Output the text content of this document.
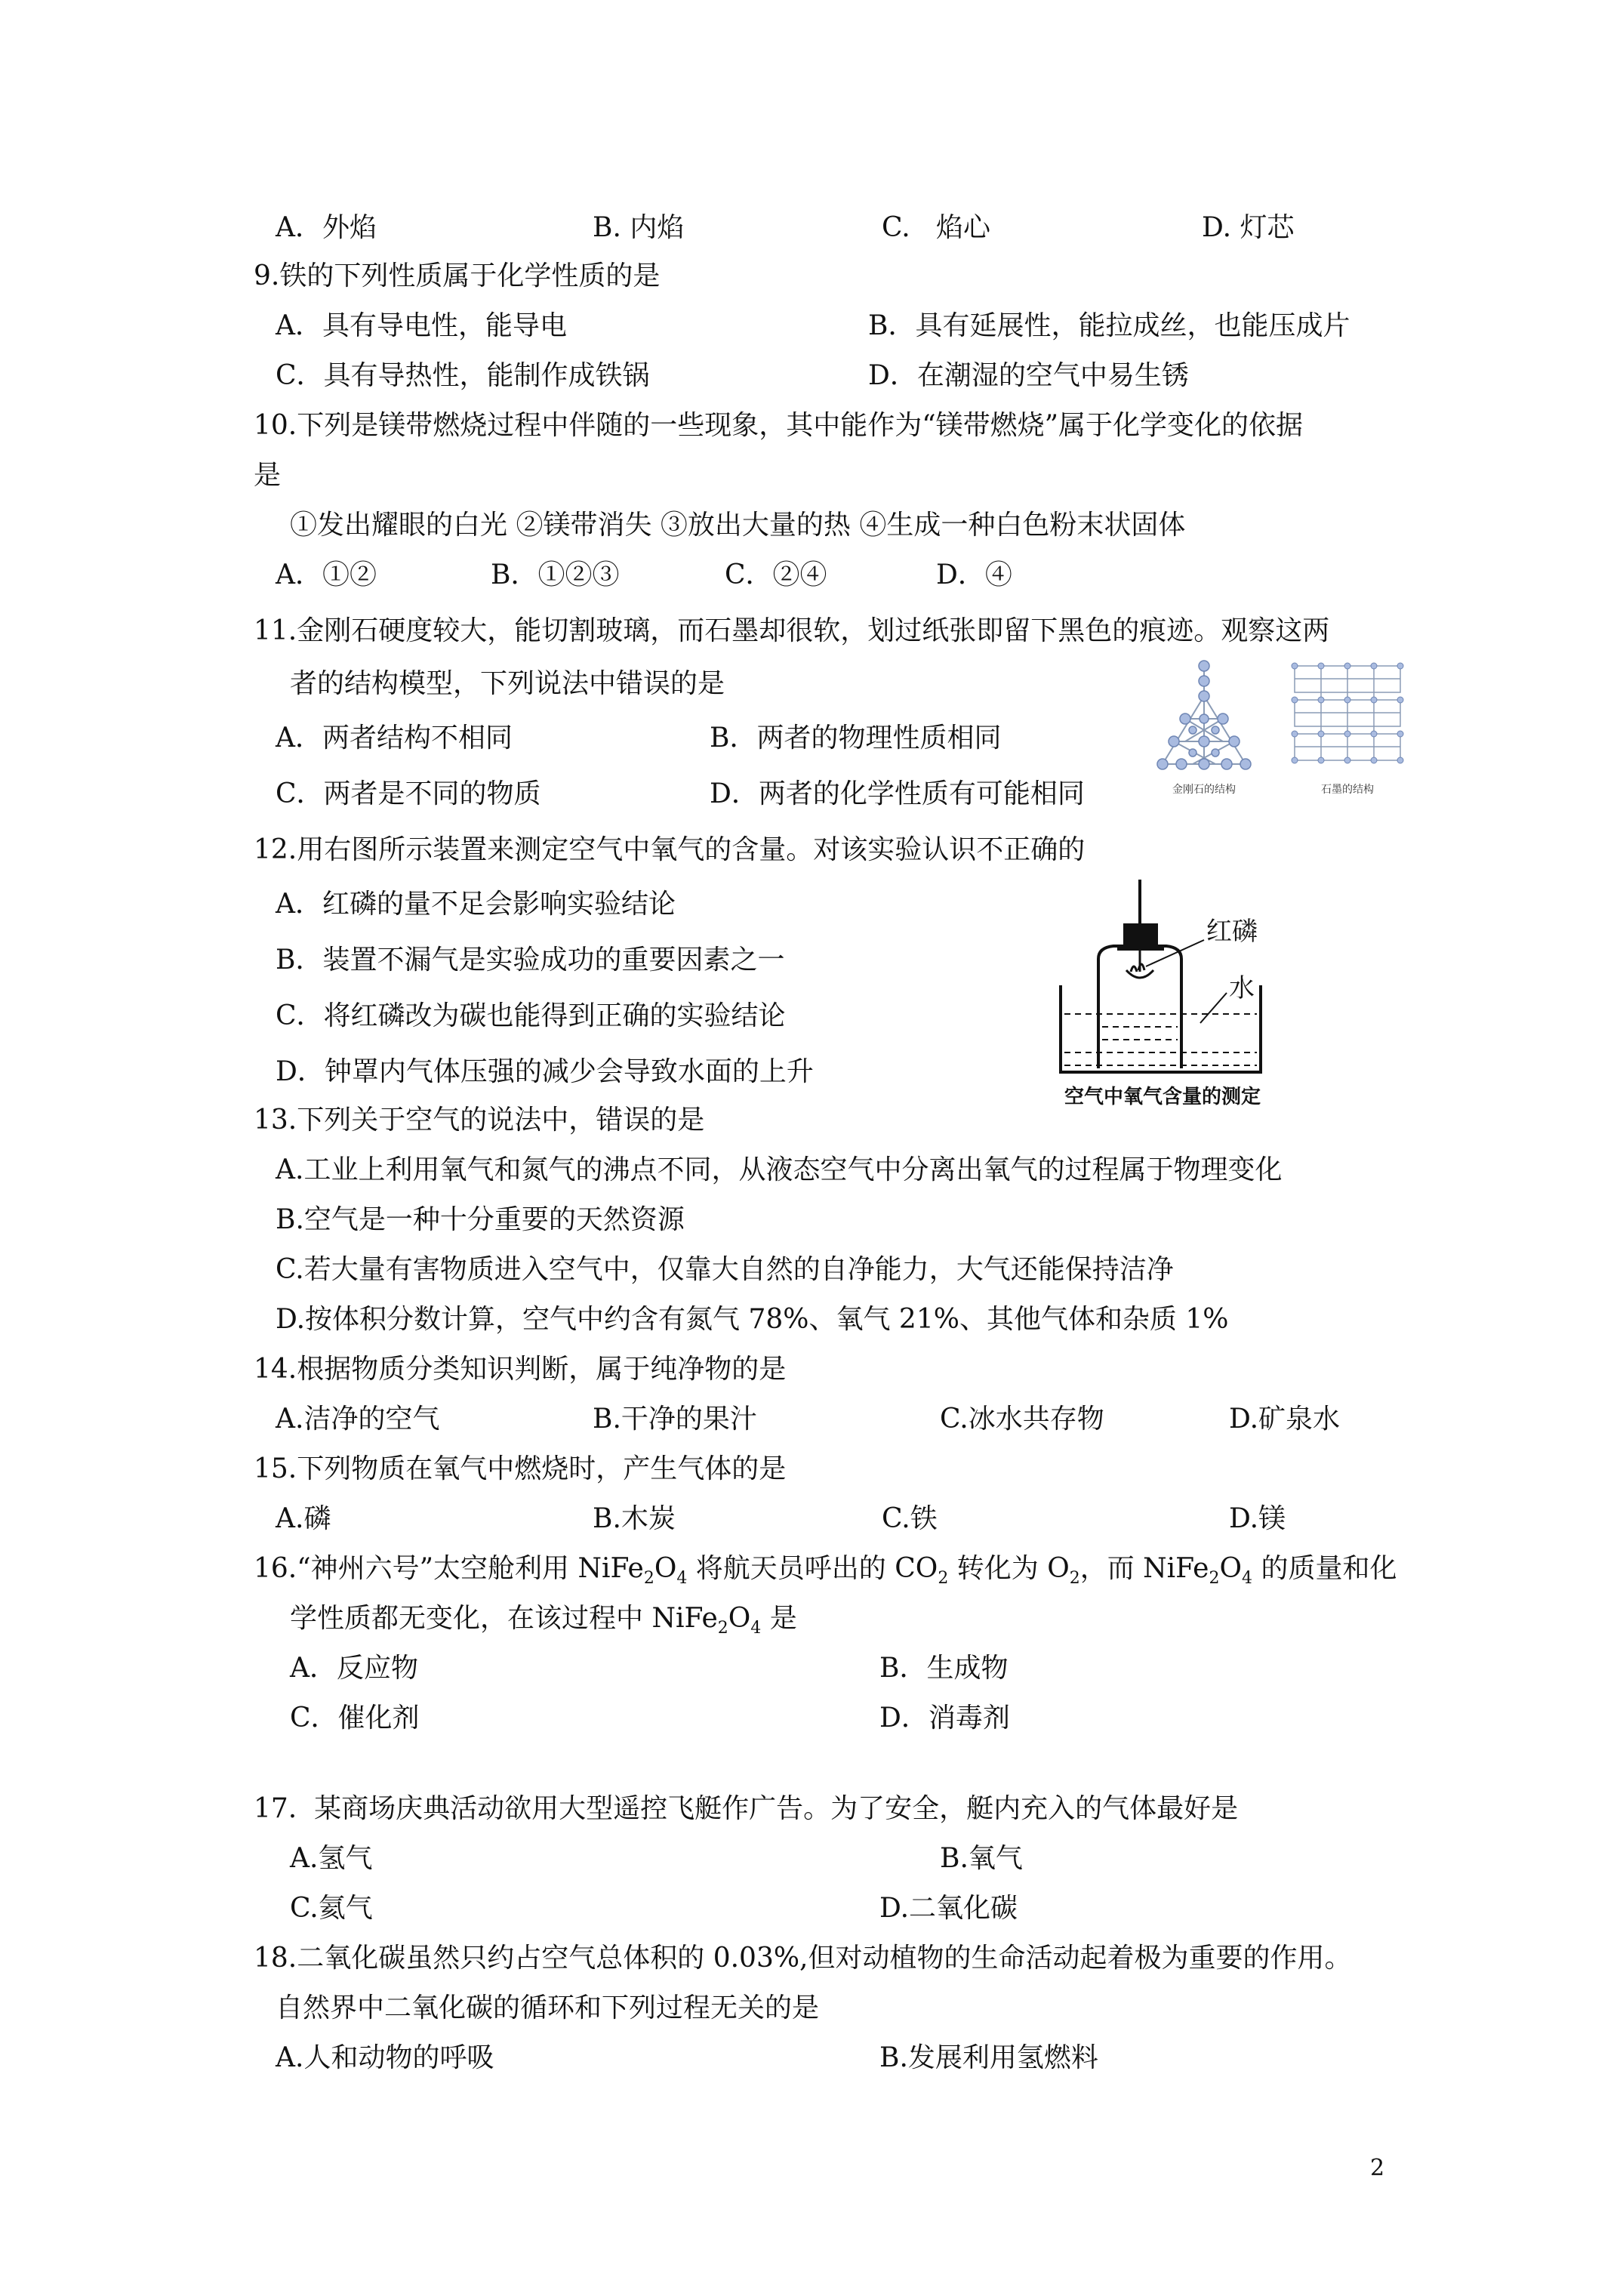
A．外焰	B. 内焰	C.   焰心	D. 灯芯
9.铁的下列性质属于化学性质的是
A．具有导电性，能导电	B．具有延展性，能拉成丝，也能压成片
C．具有导热性，能制作成铁锅	D．在潮湿的空气中易生锈
10.下列是镁带燃烧过程中伴随的一些现象，其中能作为“镁带燃烧”属于化学变化的依据
是
①发出耀眼的白光 ②镁带消失 ③放出大量的热 ④生成一种白色粉末状固体
A．①②	B．①②③	C．②④	D．④
11.金刚石硬度较大，能切割玻璃，而石墨却很软，划过纸张即留下黑色的痕迹。观察这两
者的结构模型，下列说法中错误的是
A．两者结构不相同	B．两者的物理性质相同
C．两者是不同的物质	D．两者的化学性质有可能相同	金刚石的结构	石墨的结构
12.用右图所示装置来测定空气中氧气的含量。对该实验认识不正确的
A．红磷的量不足会影响实验结论
B．装置不漏气是实验成功的重要因素之一
C．将红磷改为碳也能得到正确的实验结论
D．钟罩内气体压强的减少会导致水面的上升
红磷
水
空气中氧气含量的测定
13.下列关于空气的说法中，错误的是
A.工业上利用氧气和氮气的沸点不同，从液态空气中分离出氧气的过程属于物理变化
B.空气是一种十分重要的天然资源
C.若大量有害物质进入空气中，仅靠大自然的自净能力，大气还能保持洁净
D.按体积分数计算，空气中约含有氮气 78%、氧气 21%、其他气体和杂质 1%
14.根据物质分类知识判断，属于纯净物的是
A.洁净的空气	B.干净的果汁	C.冰水共存物	D.矿泉水
15.下列物质在氧气中燃烧时，产生气体的是
A.磷	B.木炭	C.铁	D.镁
16.“神州六号”太空舱利用 $NiFe_2O_4$ 将航天员呼出的 $CO_2$ 转化为 $O_2$，而 $NiFe_2O_4$ 的质量和化
学性质都无变化，在该过程中 $NiFe_2O_4$ 是
A．反应物	B．生成物
C．催化剂	D．消毒剂
17.  某商场庆典活动欲用大型遥控飞艇作广告。为了安全，艇内充入的气体最好是
A.氢气	B.氧气
C.氦气	D.二氧化碳
18.二氧化碳虽然只约占空气总体积的 0.03%,但对动植物的生命活动起着极为重要的作用。
自然界中二氧化碳的循环和下列过程无关的是
A.人和动物的呼吸	B.发展利用氢燃料
2
